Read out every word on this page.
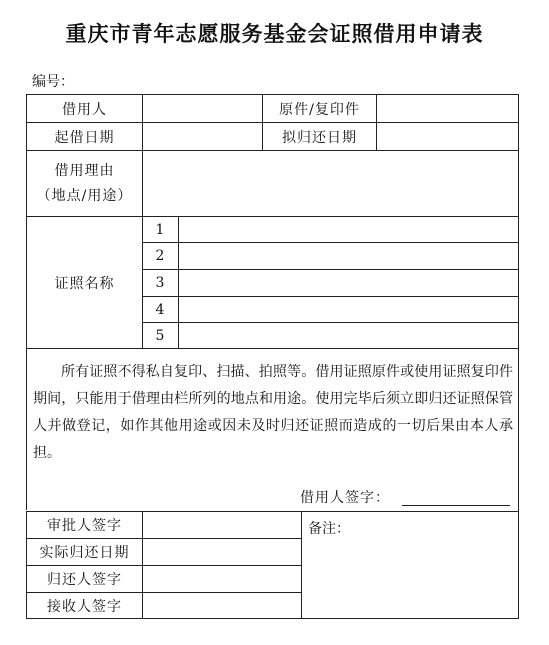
重庆市青年志愿服务基金会证照借用申请表
编号：
借用人	原件/复印件
起借日期	拟归还日期
借用理由
（地点/用途）
证照名称
1
2
3
4
5
所有证照不得私自复印、扫描、拍照等。借用证照原件或使用证照复印件期间，只能用于借理由栏所列的地点和用途。使用完毕后须立即归还证照保管人并做登记，如作其他用途或因未及时归还证照而造成的一切后果由本人承担。
借用人签字：
审批人签字
实际归还日期
归还人签字
接收人签字
备注：
